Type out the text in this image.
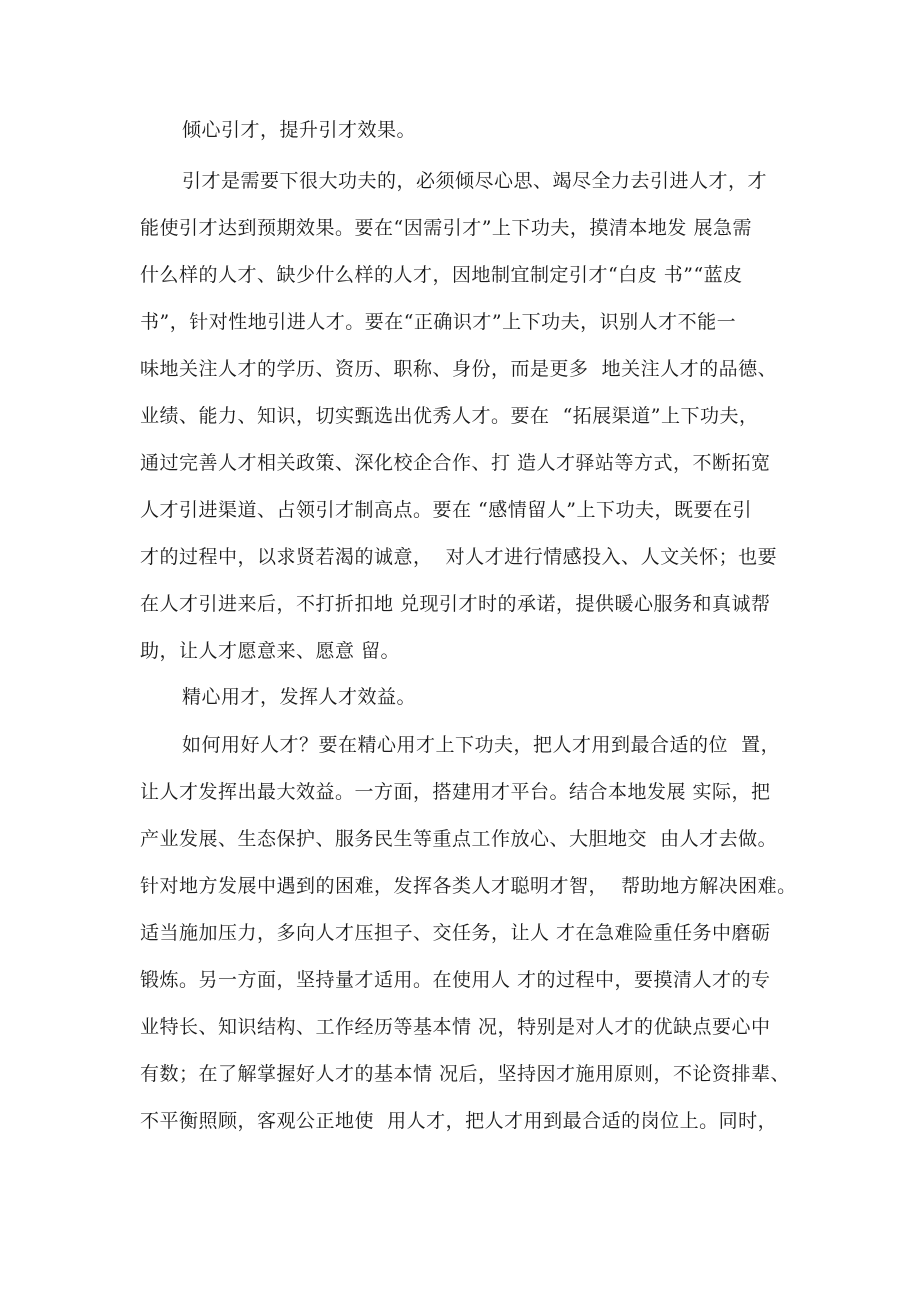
倾心引才，提升引才效果。
引才是需要下很大功夫的，必须倾尽心思、竭尽全力去引进人才，才
能使引才达到预期效果。要在“因需引才”上下功夫，摸清本地发 展急需
什么样的人才、缺少什么样的人才，因地制宜制定引才“白皮 书”“蓝皮
书”，针对性地引进人才。要在“正确识才”上下功夫，识别人才不能一
味地关注人才的学历、资历、职称、身份，而是更多  地关注人才的品德、
业绩、能力、知识，切实甄选出优秀人才。要在  “拓展渠道”上下功夫，
通过完善人才相关政策、深化校企合作、打 造人才驿站等方式，不断拓宽
人才引进渠道、占领引才制高点。要在 “感情留人”上下功夫，既要在引
才的过程中，以求贤若渴的诚意，  对人才进行情感投入、人文关怀；也要
在人才引进来后，不打折扣地 兑现引才时的承诺，提供暖心服务和真诚帮
助，让人才愿意来、愿意 留。
精心用才，发挥人才效益。
如何用好人才？要在精心用才上下功夫，把人才用到最合适的位  置，
让人才发挥出最大效益。一方面，搭建用才平台。结合本地发展 实际，把
产业发展、生态保护、服务民生等重点工作放心、大胆地交  由人才去做。
针对地方发展中遇到的困难，发挥各类人才聪明才智，  帮助地方解决困难。
适当施加压力，多向人才压担子、交任务，让人 才在急难险重任务中磨砺
锻炼。另一方面，坚持量才适用。在使用人 才的过程中，要摸清人才的专
业特长、知识结构、工作经历等基本情 况，特别是对人才的优缺点要心中
有数；在了解掌握好人才的基本情 况后，坚持因才施用原则，不论资排辈、
不平衡照顾，客观公正地使  用人才，把人才用到最合适的岗位上。同时，
